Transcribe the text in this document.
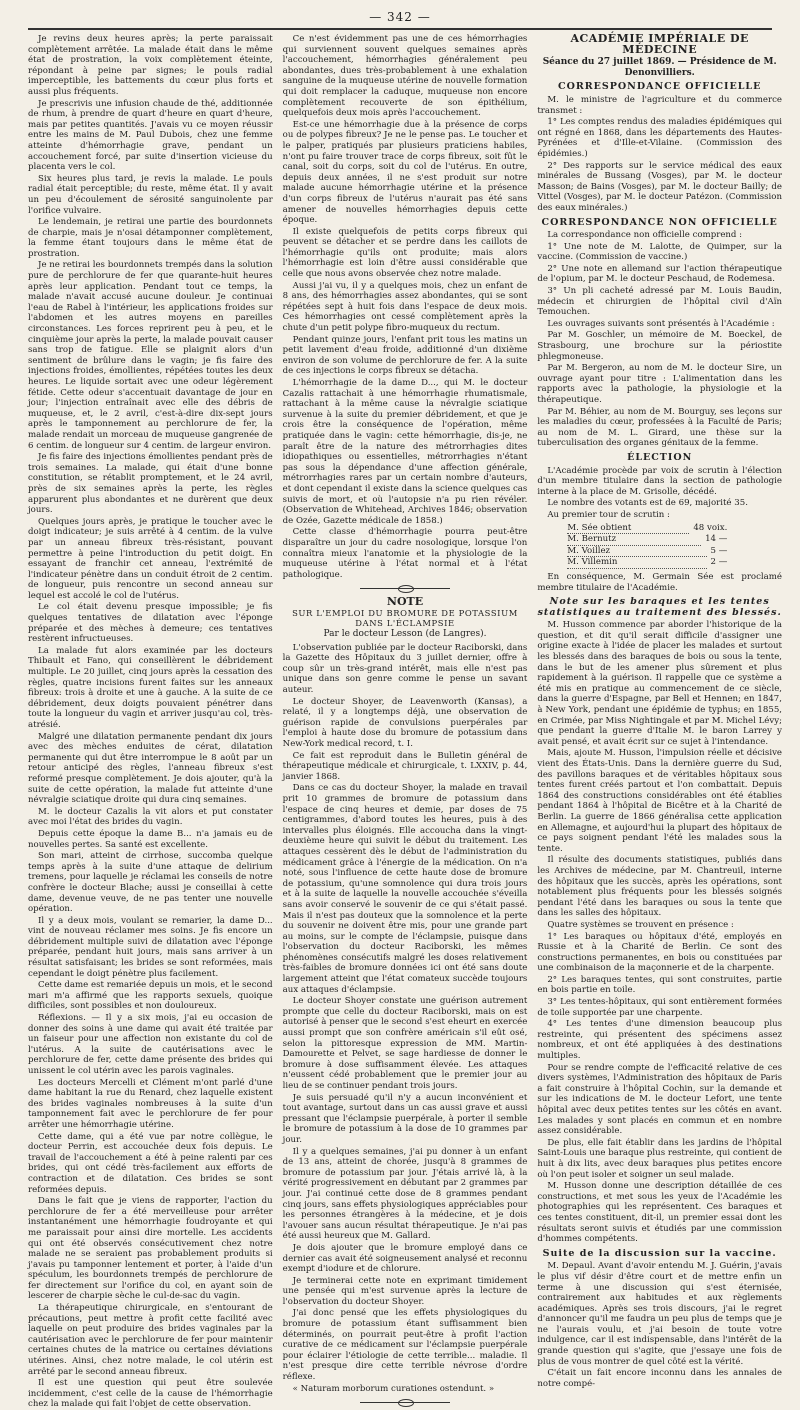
— 342 —

Je revins deux heures après; la perte paraissait complètement arrêtée. La malade était dans le même état de prostration, la voix complètement éteinte, répondant à peine par signes; le pouls radial imperceptible, les battements du cœur plus forts et aussi plus fréquents.

Je prescrivis une infusion chaude de thé, additionnée de rhum, à prendre de quart d'heure en quart d'heure, mais par petites quantités. J'avais vu ce moyen réussir entre les mains de M. Paul Dubois, chez une femme atteinte d'hémorrhagie grave, pendant un accouchement forcé, par suite d'insertion vicieuse du placenta vers le col.

Six heures plus tard, je revis la malade. Le pouls radial était perceptible; du reste, même état. Il y avait un peu d'écoulement de sérosité sanguinolente par l'orifice vulvaire.

Le lendemain, je retirai une partie des bourdonnets de charpie, mais je n'osai détamponner complètement, la femme étant toujours dans le même état de prostration.

Je ne retirai les bourdonnets trempés dans la solution pure de perchlorure de fer que quarante-huit heures après leur application. Pendant tout ce temps, la malade n'avait accusé aucune douleur. Je continuai l'eau de Rabel à l'intérieur, les applications froides sur l'abdomen et les autres moyens en pareilles circonstances. Les forces reprirent peu à peu, et le cinquième jour après la perte, la malade pouvait causer sans trop de fatigue. Elle se plaignit alors d'un sentiment de brûlure dans le vagin; je fis faire des injections froides, émollientes, répétées toutes les deux heures. Le liquide sortait avec une odeur légèrement fétide. Cette odeur s'accentuait davantage de jour en jour; l'injection entraînait avec elle des débris de muqueuse, et, le 2 avril, c'est-à-dire dix-sept jours après le tamponnement au perchlorure de fer, la malade rendait un morceau de muqueuse gangrenée de 6 centim. de longueur sur 4 centim. de largeur environ.

Je fis faire des injections émollientes pendant près de trois semaines. La malade, qui était d'une bonne constitution, se rétablit promptement, et le 24 avril, près de six semaines après la perte, les règles apparurent plus abondantes et ne durèrent que deux jours.

Quelques jours après, je pratique le toucher avec le doigt indicateur; je suis arrêté à 4 centim. de la vulve par un anneau fibreux très-résistant, pouvant permettre à peine l'introduction du petit doigt. En essayant de franchir cet anneau, l'extrémité de l'indicateur pénètre dans un conduit étroit de 2 centim. de longueur, puis rencontre un second anneau sur lequel est accolé le col de l'utérus.

Le col était devenu presque impossible; je fis quelques tentatives de dilatation avec l'éponge préparée et des mèches à demeure; ces tentatives restèrent infructueuses.

La malade fut alors examinée par les docteurs Thibault et Fano, qui conseillèrent le débridement multiple. Le 20 juillet, cinq jours après la cessation des règles, quatre incisions furent faites sur les anneaux fibreux: trois à droite et une à gauche. A la suite de ce débridement, deux doigts pouvaient pénétrer dans toute la longueur du vagin et arriver jusqu'au col, très-atrésié.

Malgré une dilatation permanente pendant dix jours avec des mèches enduites de cérat, dilatation permanente qui dut être interrompue le 8 août par un retour anticipé des règles, l'anneau fibreux s'est reformé presque complètement. Je dois ajouter, qu'à la suite de cette opération, la malade fut atteinte d'une névralgie sciatique droite qui dura cinq semaines.

M. le docteur Cazalis la vit alors et put constater avec moi l'état des brides du vagin.

Depuis cette époque la dame B... n'a jamais eu de nouvelles pertes. Sa santé est excellente.

Son mari, atteint de cirrhose, succomba quelque temps après à la suite d'une attaque de delirium tremens, pour laquelle je réclamai les conseils de notre confrère le docteur Blache; aussi je conseillai à cette dame, devenue veuve, de ne pas tenter une nouvelle opération.

Il y a deux mois, voulant se remarier, la dame D... vint de nouveau réclamer mes soins. Je fis encore un débridement multiple suivi de dilatation avec l'éponge préparée, pendant huit jours, mais sans arriver à un résultat satisfaisant; les brides se sont reformées, mais cependant le doigt pénètre plus facilement.

Cette dame est remariée depuis un mois, et le second mari m'a affirmé que les rapports sexuels, quoique difficiles, sont possibles et non douloureux.

Réflexions. — Il y a six mois, j'ai eu occasion de donner des soins à une dame qui avait été traitée par un faiseur pour une affection non existante du col de l'utérus. A la suite de cautérisations avec le perchlorure de fer, cette dame présente des brides qui unissent le col utérin avec les parois vaginales.

Les docteurs Mercelli et Clément m'ont parlé d'une dame habitant la rue du Renard, chez laquelle existent des brides vaginales nombreuses à la suite d'un tamponnement fait avec le perchlorure de fer pour arrêter une hémorrhagie utérine.

Cette dame, qui a été vue par notre collègue, le docteur Perrin, est accouchée deux fois depuis. Le travail de l'accouchement a été à peine ralenti par ces brides, qui ont cédé très-facilement aux efforts de contraction et de dilatation. Ces brides se sont reformées depuis.

Dans le fait que je viens de rapporter, l'action du perchlorure de fer a été merveilleuse pour arrêter instantanément une hémorrhagie foudroyante et qui me paraissait pour ainsi dire mortelle. Les accidents qui ont été observés consécutivement chez notre malade ne se seraient pas probablement produits si j'avais pu tamponner lentement et porter, à l'aide d'un spéculum, les bourdonnets trempés de perchlorure de fer directement sur l'orifice du col, en ayant soin de lescerer de charpie sèche le cul-de-sac du vagin.

La thérapeutique chirurgicale, en s'entourant de précautions, peut mettre à profit cette facilité avec laquelle on peut produire des brides vaginales par la cautérisation avec le perchlorure de fer pour maintenir certaines chutes de la matrice ou certaines déviations utérines. Ainsi, chez notre malade, le col utérin est arrêté par le second anneau fibreux.

Il est une question qui peut être soulevée incidemment, c'est celle de la cause de l'hémorrhagie chez la malade qui fait l'objet de cette observation.

Ce n'est évidemment pas une de ces hémorrhagies qui surviennent souvent quelques semaines après l'accouchement, hémorrhagies généralement peu abondantes, dues très-probablement à une exhalation sanguine de la muqueuse utérine de nouvelle formation qui doit remplacer la caduque, muqueuse non encore complètement recouverte de son épithélium, quelquefois deux mois après l'accouchement.

Est-ce une hémorrhagie due à la présence de corps ou de polypes fibreux? Je ne le pense pas. Le toucher et le palper, pratiqués par plusieurs praticiens habiles, n'ont pu faire trouver trace de corps fibreux, soit fût le canal, soit du corps, soit du col de l'utérus. En outre, depuis deux années, il ne s'est produit sur notre malade aucune hémorrhagie utérine et la présence d'un corps fibreux de l'utérus n'aurait pas été sans amener de nouvelles hémorrhagies depuis cette époque.

Il existe quelquefois de petits corps fibreux qui peuvent se détacher et se perdre dans les caillots de l'hémorrhagie qu'ils ont produite; mais alors l'hémorrhagie est loin d'être aussi considérable que celle que nous avons observée chez notre malade.

Aussi j'ai vu, il y a quelques mois, chez un enfant de 8 ans, des hémorrhagies assez abondantes, qui se sont répétées sept à huit fois dans l'espace de deux mois. Ces hémorrhagies ont cessé complètement après la chute d'un petit polype fibro-muqueux du rectum.

Pendant quinze jours, l'enfant prit tous les matins un petit lavement d'eau froide, additionné d'un dixième environ de son volume de perchlorure de fer. A la suite de ces injections le corps fibreux se détacha.

L'hémorrhagie de la dame D..., qui M. le docteur Cazalis rattachait à une hémorrhagie rhumatismale, rattachant à la même cause la névralgie sciatique survenue à la suite du premier débridement, et que je crois être la conséquence de l'opération, même pratiquée dans le vagin: cette hémorrhagie, dis-je, ne paraît être de la nature des métrorrhagies dites idiopathiques ou essentielles, métrorrhagies n'étant pas sous la dépendance d'une affection générale, métrorrhagies rares par un certain nombre d'auteurs, et dont cependant il existe dans la science quelques cas suivis de mort, et où l'autopsie n'a pu rien révéler. (Observation de Whitehead, Archives 1846; observation de Ozée, Gazette médicale de 1858.)

Cette classe d'hémorrhagie pourra peut-être disparaître un jour du cadre nosologique, lorsque l'on connaîtra mieux l'anatomie et la physiologie de la muqueuse utérine à l'état normal et à l'état pathologique.

NOTE

SUR L'EMPLOI DU BROMURE DE POTASSIUM DANS L'ÉCLAMPSIE

Par le docteur Lesson (de Langres).

L'observation publiée par le docteur Raciborski, dans la Gazette des Hôpitaux du 3 juillet dernier, offre à coup sûr un très-grand intérêt, mais elle n'est pas unique dans son genre comme le pense un savant auteur.

Le docteur Shoyer, de Leavenworth (Kansas), a relaté, il y a longtemps déjà, une observation de guérison rapide de convulsions puerpérales par l'emploi à haute dose du bromure de potassium dans New-York medical record, t. I.

Ce fait est reproduit dans le Bulletin général de thérapeutique médicale et chirurgicale, t. LXXIV, p. 44, janvier 1868.

Dans ce cas du docteur Shoyer, la malade en travail prit 10 grammes de bromure de potassium dans l'espace de cinq heures et demie, par doses de 75 centigrammes, d'abord toutes les heures, puis à des intervalles plus éloignés. Elle accoucha dans la vingt-deuxième heure qui suivit le début du traitement. Les attaques cessèrent dès le début de l'administration du médicament grâce à l'énergie de la médication. On n'a noté, sous l'influence de cette haute dose de bromure de potassium, qu'une somnolence qui dura trois jours et à la suite de laquelle la nouvelle accouchée s'éveilla sans avoir conservé le souvenir de ce qui s'était passé. Mais il n'est pas douteux que la somnolence et la perte du souvenir ne doivent être mis, pour une grande part au moins, sur le compte de l'éclampsie, puisque dans l'observation du docteur Raciborski, les mêmes phénomènes consécutifs malgré les doses relativement très-faibles de bromure données ici ont été sans doute largement atteint que l'état comateux succède toujours aux attaques d'éclampsie.

Le docteur Shoyer constate une guérison autrement prompte que celle du docteur Raciborski, mais on est autorisé à penser que le second s'est eheurt en exercée aussi prompt que son confrère américain s'il eût osé, selon la pittoresque expression de MM. Martin-Damourette et Pelvet, se sage hardiesse de donner le bromure à dose suffisamment élevée. Les attaques n'eussent cédé probablement que le premier jour au lieu de se continuer pendant trois jours.

Je suis persuadé qu'il n'y a aucun inconvénient et tout avantage, surtout dans un cas aussi grave et aussi pressant que l'éclampsie puerpérale, à porter il semble le bromure de potassium à la dose de 10 grammes par jour.

Il y a quelques semaines, j'ai pu donner à un enfant de 13 ans, atteint de chorée, jusqu'à 8 grammes de bromure de potassium par jour. J'étais arrivé là, à la vérité progressivement en débutant par 2 grammes par jour. J'ai continué cette dose de 8 grammes pendant cinq jours, sans effets physiologiques appréciables pour les personnes étrangères à la médecine, et je dois l'avouer sans aucun résultat thérapeutique. Je n'ai pas été aussi heureux que M. Gallard.

Je dois ajouter que le bromure employé dans ce dernier cas avait été soigneusement analysé et reconnu exempt d'iodure et de chlorure.

Je terminerai cette note en exprimant timidement une pensée qui m'est survenue après la lecture de l'observation du docteur Shoyer.

J'ai donc pensé que les effets physiologiques du bromure de potassium étant suffisamment bien déterminés, on pourrait peut-être à profit l'action curative de ce médicament sur l'éclampsie puerpérale pour éclairer l'étiologie de cette terrible... maladie. Il n'est presque dire cette terrible névrose d'ordre réflexe.

« Naturam morborum curationes ostendunt. »

ACADÉMIE IMPÉRIALE DE MÉDECINE

Séance du 27 juillet 1869. — Présidence de M. Denonvilliers.

CORRESPONDANCE OFFICIELLE

M. le ministre de l'agriculture et du commerce transmet :

1° Les comptes rendus des maladies épidémiques qui ont régné en 1868, dans les départements des Hautes-Pyrénées et d'Ille-et-Vilaine. (Commission des épidémies.)

2° Des rapports sur le service médical des eaux minérales de Bussang (Vosges), par M. le docteur Masson; de Bains (Vosges), par M. le docteur Bailly; de Vittel (Vosges), par M. le docteur Patézon. (Commission des eaux minérales.)

CORRESPONDANCE NON OFFICIELLE

La correspondance non officielle comprend :

1° Une note de M. Lalotte, de Quimper, sur la vaccine. (Commission de vaccine.)

2° Une note en allemand sur l'action thérapeutique de l'opium, par M. le docteur Peschaud, de Rodemesa.

3° Un pli cacheté adressé par M. Louis Baudin, médecin et chirurgien de l'hôpital civil d'Aïn Temouchen.

Les ouvrages suivants sont présentés à l'Académie :

Par M. Goschler, un mémoire de M. Boeckel, de Strasbourg, une brochure sur la périostite phlegmoneuse.

Par M. Bergeron, au nom de M. le docteur Sire, un ouvrage ayant pour titre : L'alimentation dans les rapports avec la pathologie, la physiologie et la thérapeutique.

Par M. Béhier, au nom de M. Bourguy, ses leçons sur les maladies du cœur, professées à la Faculté de Paris; au nom de M. L. Girard, une thèse sur la tuberculisation des organes génitaux de la femme.

ÉLECTION

L'Académie procède par voix de scrutin à l'élection d'un membre titulaire dans la section de pathologie interne à la place de M. Grisolle, décédé.

Le nombre des votants est de 69, majorité 35.

Au premier tour de scrutin :

M. Sée obtient	48 voix.
M. Bernutz	14 —
M. Voillez	5 —
M. Villemin	2 —

En conséquence, M. Germain Sée est proclamé membre titulaire de l'Académie.

Note sur les baraques et les tentes statistiques au traitement des blessés.

M. Husson commence par aborder l'historique de la question, et dit qu'il serait difficile d'assigner une origine exacte à l'idée de placer les malades et surtout les blessés dans des baraques de bois ou sous la tente, dans le but de les amener plus sûrement et plus rapidement à la guérison. Il rappelle que ce système a été mis en pratique au commencement de ce siècle, dans la guerre d'Espagne, par Bell et Hennen; en 1847, à New York, pendant une épidémie de typhus; en 1855, en Crimée, par Miss Nightingale et par M. Michel Lévy; que pendant la guerre d'Italie M. le baron Larrey y avait pensé, et avait écrit sur ce sujet à l'intendance.

Mais, ajoute M. Husson, l'impulsion réelle et décisive vient des États-Unis. Dans la dernière guerre du Sud, des pavillons baraques et de véritables hôpitaux sous tentes furent créés partout et l'on combattait. Depuis 1864 des constructions considérables ont été établies pendant 1864 à l'hôpital de Bicêtre et à la Charité de Berlin. La guerre de 1866 généralisa cette application en Allemagne, et aujourd'hui la plupart des hôpitaux de ce pays soignent pendant l'été les malades sous la tente.

Il résulte des documents statistiques, publiés dans les Archives de médecine, par M. Chantreuil, interne des hôpitaux que les succès, après les opérations, sont notablement plus fréquents pour les blessés soignés pendant l'été dans les baraques ou sous la tente que dans les salles des hôpitaux.

Quatre systèmes se trouvent en présence :

1° Les baraques ou hôpitaux d'été, employés en Russie et à la Charité de Berlin. Ce sont des constructions permanentes, en bois ou constituées par une combinaison de la maçonnerie et de la charpente.

2° Les baraques tentes, qui sont construites, partie en bois partie en toile.

3° Les tentes-hôpitaux, qui sont entièrement formées de toile supportée par une charpente.

4° Les tentes d'une dimension beaucoup plus restreinte, qui présentent des spécimens assez nombreux, et ont été appliquées à des destinations multiples.

Pour se rendre compte de l'efficacité relative de ces divers systèmes, l'Administration des hôpitaux de Paris a fait construire à l'hôpital Cochin, sur la demande et sur les indications de M. le docteur Lefort, une tente hôpital avec deux petites tentes sur les côtés en avant. Les malades y sont placés en commun et en nombre assez considérable.

De plus, elle fait établir dans les jardins de l'hôpital Saint-Louis une baraque plus restreinte, qui contient de huit à dix lits, avec deux baraques plus petites encore où l'on peut isoler et soigner un seul malade.

M. Husson donne une description détaillée de ces constructions, et met sous les yeux de l'Académie les photographies qui les représentent. Ces baraques et ces tentes constituent, dit-il, un premier essai dont les résultats seront suivis et étudiés par une commission d'hommes compétents.

Suite de la discussion sur la vaccine.

M. Depaul. Avant d'avoir entendu M. J. Guérin, j'avais le plus vif désir d'être court et de mettre enfin un terme à une discussion qui s'est éternisée, contrairement aux habitudes et aux règlements académiques. Après ses trois discours, j'ai le regret d'annoncer qu'il me faudra un peu plus de temps que je ne l'aurais voulu, et j'ai besoin de toute votre indulgence, car il est indispensable, dans l'intérêt de la grande question qui s'agite, que j'essaye une fois de plus de vous montrer de quel côté est la vérité.

C'était un fait encore inconnu dans les annales de notre compé-
